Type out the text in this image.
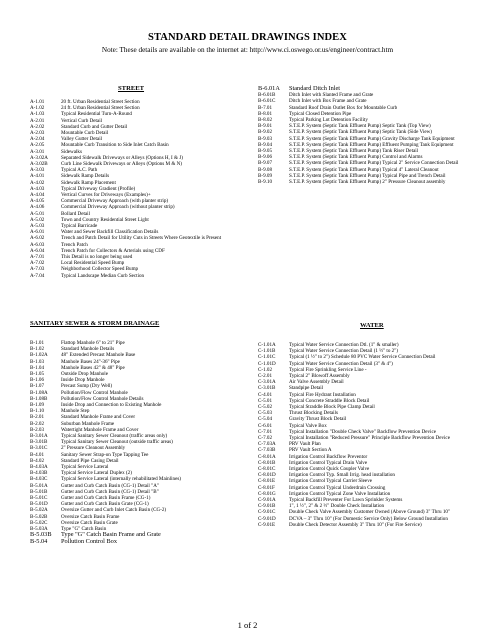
STANDARD DETAIL DRAWINGS INDEX
Note: These details are available on the internet at: http://www.ci.oswego.or.us/engineer/contract.htm
STREET
A-1.01	20 ft. Urban Residential Street Section
A-1.02	24 ft. Urban Residential Street Section
A-1.03	Typical Residential Turn-A-Round
A-2.01	Vertical Curb Detail
A-2.02	Standard Curb and Gutter Detail
A-2.03	Mountable Curb Detail
A-2.04	Valley Gutter Detail
A-2.05	Mountable Curb Transition to Side Inlet Catch Basin
A-3.01	Sidewalks
A-3.02A	Separated Sidewalk Driveways or Alleys (Options H, I & J)
A-3.02B	Curb Line Sidewalk Driveways or Alleys (Options M & N)
A-3.03	Typical A.C. Path
A-4.01	Sidewalk Ramp Details
A-4.02	Sidewalk Ramp Placement
A-4.03	Typical Driveway Gradient (Profile)
A-4.04	Vertical Curves for Driveways (Examples)+
A-4.05	Commercial Driveway Approach (with planter strip)
A-4.06	Commercial Driveway Approach (without planter strip)
A-5.01	Bollard Detail
A-5.02	Town and Country Residential Street Light
A-5.03	Typical Barricade
A-6.01	Water and Sewer Backfill Classification Details
A-6.02	Trench and Patch Detail for Utility Cuts in Streets Where Geotextile is Present
A-6.03	Trench Patch
A-6.04	Trench Patch for Collectors & Arterials using CDF
A-7.01	This Detail is no longer being used
A-7.02	Local Residential Speed Bump
A-7.03	Neighborhood Collector Speed Bump
A-7.04	Typical Landscape Median Curb Section
SANITARY SEWER & STORM DRAINAGE
B-1.01	Flattop Manhole 6" to 21" Pipe
B-1.02	Standard Manhole Details
B-1.02A	48" Extended Precast Manhole Base
B-1.03	Manhole Bases 24"-36" Pipe
B-1.04	Manhole Bases 42" & 48" Pipe
B-1.05	Outside Drop Manhole
B-1.06	Inside Drop Manhole
B-1.07	Precast Sump (Dry Well)
B-1.08A	Pollution/Flow Control Manhole
B-1.08B	Pollution/Flow Control Manhole Details
B-1.09	Inside Drop and Connection to Existing Manhole
B-1.10	Manhole Step
B-2.01	Standard Manhole Frame and Cover
B-2.02	Suburban Manhole Frame
B-2.03	Watertight Manhole Frame and Cover
B-3.01A	Typical Sanitary Sewer Cleanout (traffic areas only)
B-3.01B	Typical Sanitary Sewer Cleanout (outside traffic areas)
B-3.01C	2" Pressure Cleanout Assembly
B-4.01	Sanitary Sewer Strap-on Type Tapping Tee
B-4.02	Standard Pipe Casing Detail
B-4.03A	Typical Service Lateral
B-4.03B	Typical Service Lateral Duplex (2)
B-4.03C	Typical Service Lateral (internally rehabilitated Mainlines)
B-5.01A	Gutter and Curb Catch Basin (CG-1) Detail "A"
B-5.01B	Gutter and Curb Catch Basin (CG-1) Detail "B"
B-5.01C	Gutter and Curb Catch Basin Frame (CG-1)
B-5.01D	Gutter and Curb Catch Basin Grate (CG-1)
B-5.02A	Oversize Gutter and Curb Inlet Catch Basin (CG-2)
B-5.02B	Oversize Catch Basin Frame
B-5.02C	Oversize Catch Basin Grate
B-5.03A	Type "G" Catch Basin
B-5.03B	Type "G" Catch Basin Frame and Grate
B-5.04	Pollution Control Box
B-6.01A	Standard Ditch Inlet
B-6.01B	Ditch Inlet with Slanted Frame and Grate
B-6.01C	Ditch Inlet with Box Frame and Grate
B-7.01	Standard Roof Drain Outlet Box for Mountable Curb
B-8.01	Typical Closed Detention Pipe
B-8.02	Typical Parking Lot Detention Facility
B-9.01	S.T.E.P. System (Septic Tank Effluent Pump) Septic Tank (Top View)
B-9.02	S.T.E.P. System (Septic Tank Effluent Pump) Septic Tank (Side View)
B-9.03	S.T.E.P. System (Septic Tank Effluent Pump) Gravity Discharge Tank Equipment
B-9.04	S.T.E.P. System (Septic Tank Effluent Pump) Effluent Pumping Tank Equipment
B-9.05	S.T.E.P. System (Septic Tank Effluent Pump) Tank Riser Detail
B-9.06	S.T.E.P. System (Septic Tank Effluent Pump) Control and Alarms
B-9.07	S.T.E.P. System (Septic Tank Effluent Pump) Typical 2" Service Connection Detail
B-9.08	S.T.E.P. System (Septic Tank Effluent Pump) Typical 4" Lateral Cleanout
B-9.09	S.T.E.P. System (Septic Tank Effluent Pump) Typical Pipe and Trench Detail
B-9.10	S.T.E.P. System (Septic Tank Effluent Pump) 2" Pressure Cleanout assembly
WATER
C-1.01A	Typical Water Service Connection Dtl. (1" & smaller)
C-1.01B	Typical Water Service Connection Detail (1 ½" to 2")
C-1.01C	Typical (1 ½" to 2") Schedule 80 PVC Water Service Connection Detail
C-1.01D	Typical Water Service Connection Detail (3" & 4")
C-1.02	Typical Fire Sprinkling Service Line -
C-2.01	Typical 2" Blowoff Assembly
C-3.01A	Air Valve Assembly Detail
C-3.01B	Standpipe Detail
C-4.01	Typical Fire Hydrant Installation
C-5.01	Typical Concrete Straddle Block Detail
C-5.02	Typical Straddle Block Pipe Clamp Detail
C-5.03	Thrust Blocking Details
C-5.04	Gravity Thrust Block Detail
C-6.01	Typical Valve Box
C-7.01	Typical Installation "Double Check Valve" Backflow Prevention Device
C-7.02	Typical Installation "Reduced Pressure" Principle Backflow Prevention Device
C-7.03A	PRV Vault Plan
C-7.03B	PRV Vault Section A
C-8.01A	Irrigation Control Backflow Preventor
C-8.01B	Irrigation Control Typical Drain Valve
C-8.01C	Irrigation Control Quick Coupler Valve
C-8.01D	Irrigation Control Typ. Small Irrig. head installation
C-8.01E	Irrigation Control Typical Carrier Sleeve
C-8.01F	Irrigation Control Typical Underdrain Crossing
C-8.01G	Irrigation Control Typical Zone Valve Installation
C-9.01A	Typical Backfill Preventer For Lawn Sprinkler Systems
C-9.01B	1", 1 ½", 2" & 2 ½" Double Check Installation
C-9.01C	Double Check Valve Assembly Customer Owned (Above Ground) 3" Thru 10"
C-9.01D	DCVA – 3" Thru 10" (For Domestic Service Only) Below Ground Installation
C-9.01E	Double Check Detector Assembly 3" Thru 10" (For Fire Service)
1 of 2
